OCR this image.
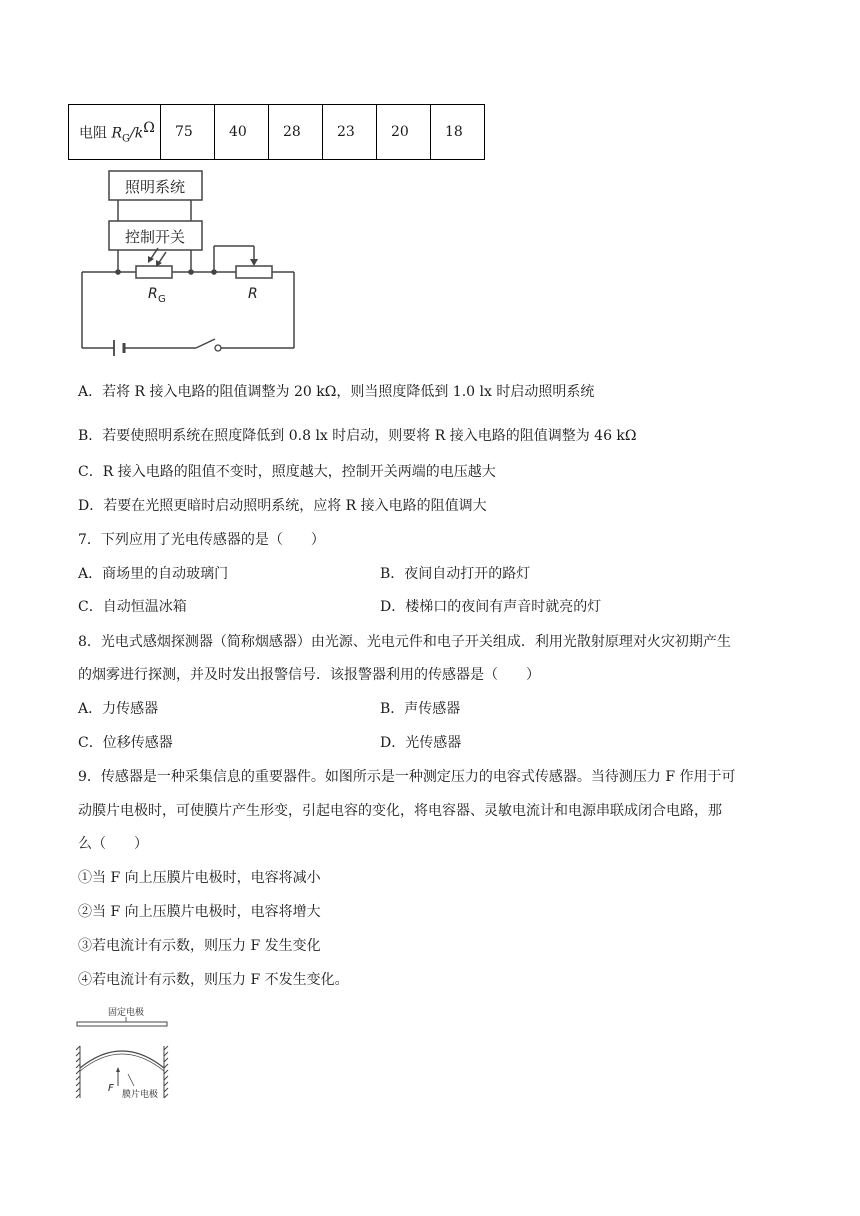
电阻 $R_G/k^\Omega$	75	40	28	23	20	18
照明系统
控制开关
R G	R
A．若将 R 接入电路的阻值调整为 20 kΩ，则当照度降低到 1.0 lx 时启动照明系统
B．若要使照明系统在照度降低到 0.8 lx 时启动，则要将 R 接入电路的阻值调整为 46 kΩ
C．R 接入电路的阻值不变时，照度越大，控制开关两端的电压越大
D．若要在光照更暗时启动照明系统，应将 R 接入电路的阻值调大
7．下列应用了光电传感器的是（　　）
A．商场里的自动玻璃门	B．夜间自动打开的路灯
C．自动恒温冰箱	D．楼梯口的夜间有声音时就亮的灯
8．光电式感烟探测器（简称烟感器）由光源、光电元件和电子开关组成．利用光散射原理对火灾初期产生
的烟雾进行探测，并及时发出报警信号．该报警器利用的传感器是（　　）
A．力传感器	B．声传感器
C．位移传感器	D．光传感器
9．传感器是一种采集信息的重要器件。如图所示是一种测定压力的电容式传感器。当待测压力 F 作用于可
动膜片电极时，可使膜片产生形变，引起电容的变化，将电容器、灵敏电流计和电源串联成闭合电路，那
么（　　）
①当 F 向上压膜片电极时，电容将减小
②当 F 向上压膜片电极时，电容将增大
③若电流计有示数，则压力 F 发生变化
④若电流计有示数，则压力 F 不发生变化。
固定电极
F
膜片电极
